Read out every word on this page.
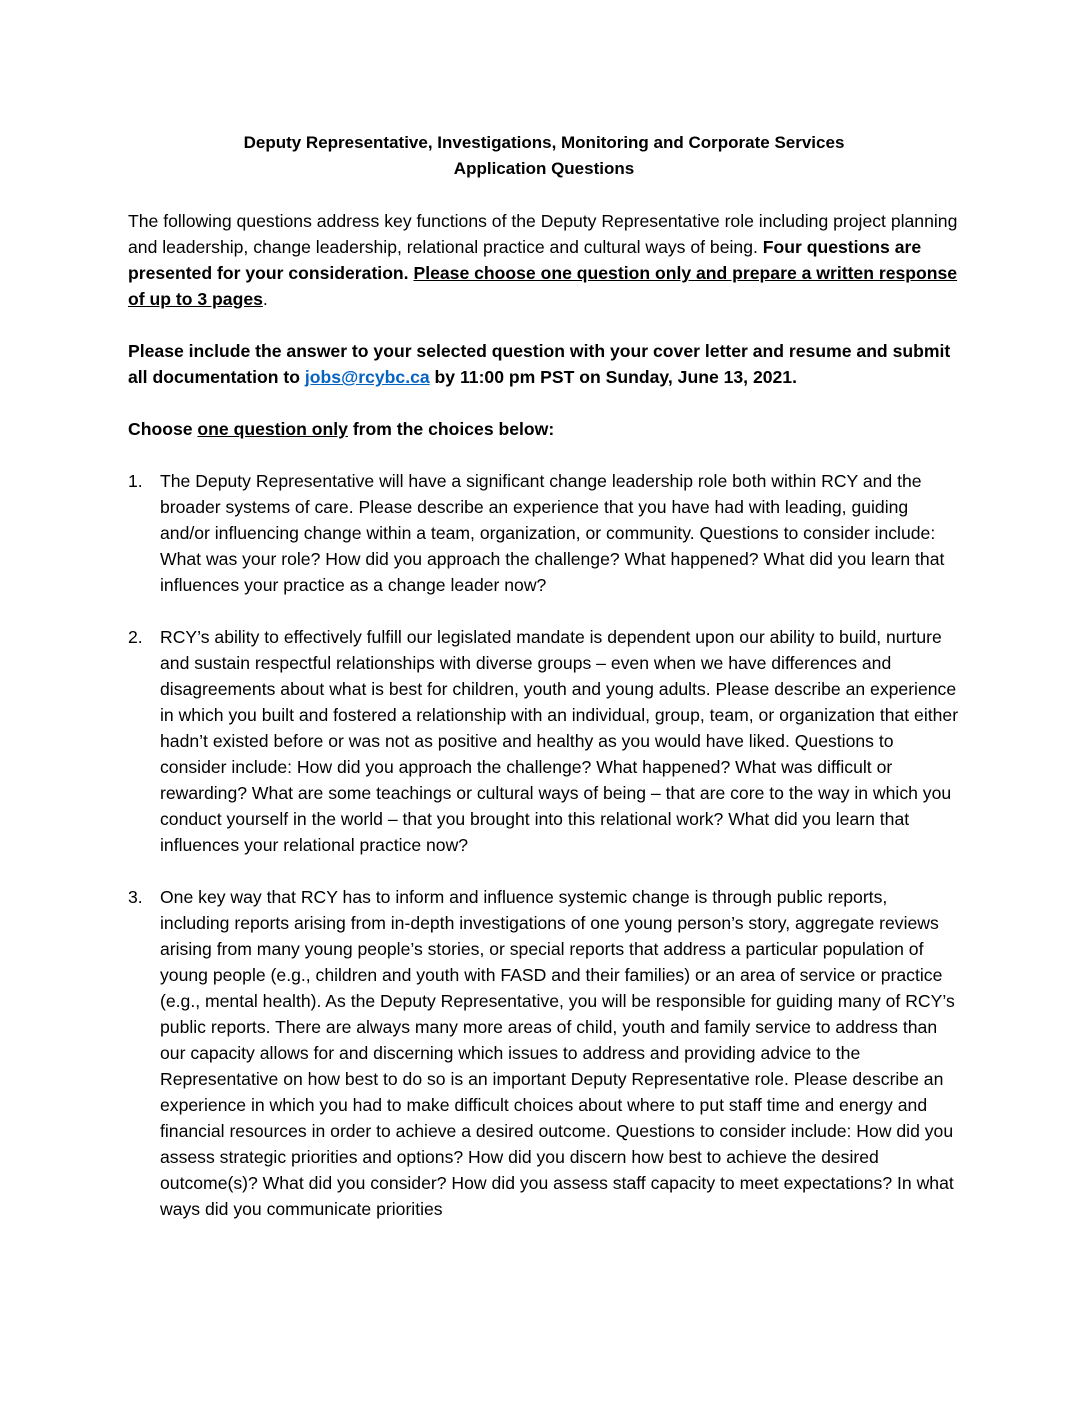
Deputy Representative, Investigations, Monitoring and Corporate Services
Application Questions

The following questions address key functions of the Deputy Representative role including project planning and leadership, change leadership, relational practice and cultural ways of being. Four questions are presented for your consideration. Please choose one question only and prepare a written response of up to 3 pages.

Please include the answer to your selected question with your cover letter and resume and submit all documentation to jobs@rcybc.ca by 11:00 pm PST on Sunday, June 13, 2021.

Choose one question only from the choices below:

1. The Deputy Representative will have a significant change leadership role both within RCY and the broader systems of care. Please describe an experience that you have had with leading, guiding and/or influencing change within a team, organization, or community. Questions to consider include: What was your role? How did you approach the challenge? What happened? What did you learn that influences your practice as a change leader now?
2. RCY’s ability to effectively fulfill our legislated mandate is dependent upon our ability to build, nurture and sustain respectful relationships with diverse groups – even when we have differences and disagreements about what is best for children, youth and young adults. Please describe an experience in which you built and fostered a relationship with an individual, group, team, or organization that either hadn’t existed before or was not as positive and healthy as you would have liked. Questions to consider include: How did you approach the challenge? What happened? What was difficult or rewarding? What are some teachings or cultural ways of being – that are core to the way in which you conduct yourself in the world – that you brought into this relational work? What did you learn that influences your relational practice now?
3. One key way that RCY has to inform and influence systemic change is through public reports, including reports arising from in-depth investigations of one young person’s story, aggregate reviews arising from many young people’s stories, or special reports that address a particular population of young people (e.g., children and youth with FASD and their families) or an area of service or practice (e.g., mental health). As the Deputy Representative, you will be responsible for guiding many of RCY’s public reports. There are always many more areas of child, youth and family service to address than our capacity allows for and discerning which issues to address and providing advice to the Representative on how best to do so is an important Deputy Representative role. Please describe an experience in which you had to make difficult choices about where to put staff time and energy and financial resources in order to achieve a desired outcome. Questions to consider include: How did you assess strategic priorities and options? How did you discern how best to achieve the desired outcome(s)? What did you consider? How did you assess staff capacity to meet expectations? In what ways did you communicate priorities
